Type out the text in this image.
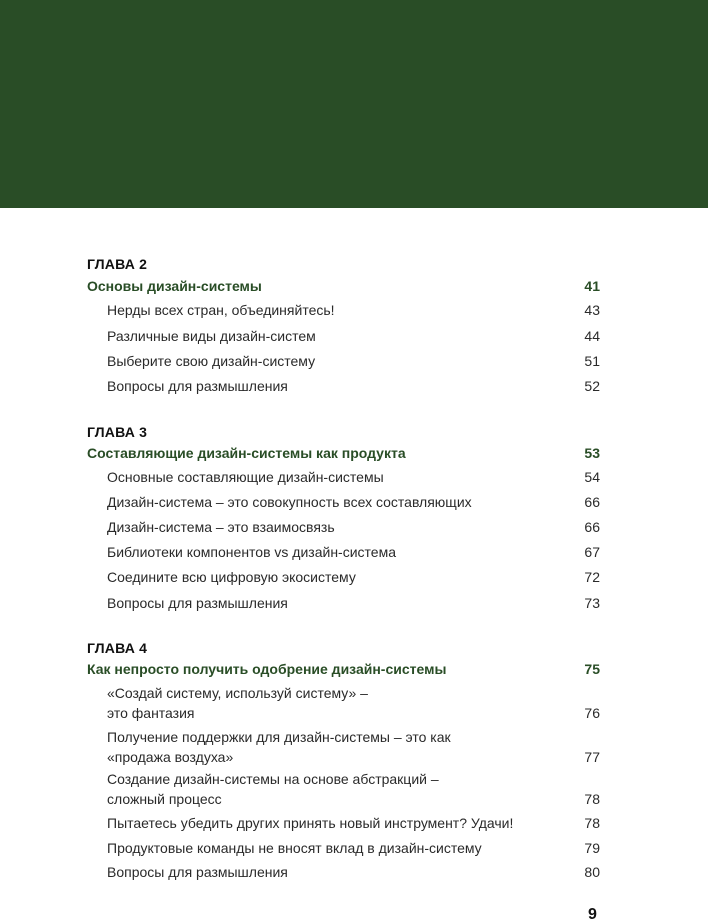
ГЛАВА 2
Основы дизайн-системы	41
Нерды всех стран, объединяйтесь!	43
Различные виды дизайн-систем	44
Выберите свою дизайн-систему	51
Вопросы для размышления	52
ГЛАВА 3
Составляющие дизайн-системы как продукта	53
Основные составляющие дизайн-системы	54
Дизайн-система – это совокупность всех составляющих	66
Дизайн-система – это взаимосвязь	66
Библиотеки компонентов vs дизайн-система	67
Соедините всю цифровую экосистему	72
Вопросы для размышления	73
ГЛАВА 4
Как непросто получить одобрение дизайн-системы	75
«Создай систему, используй систему» –
это фантазия	76
Получение поддержки для дизайн-системы – это как
«продажа воздуха»	77
Создание дизайн-системы на основе абстракций –
сложный процесс	78
Пытаетесь убедить других принять новый инструмент? Удачи!	78
Продуктовые команды не вносят вклад в дизайн-систему	79
Вопросы для размышления	80
9
